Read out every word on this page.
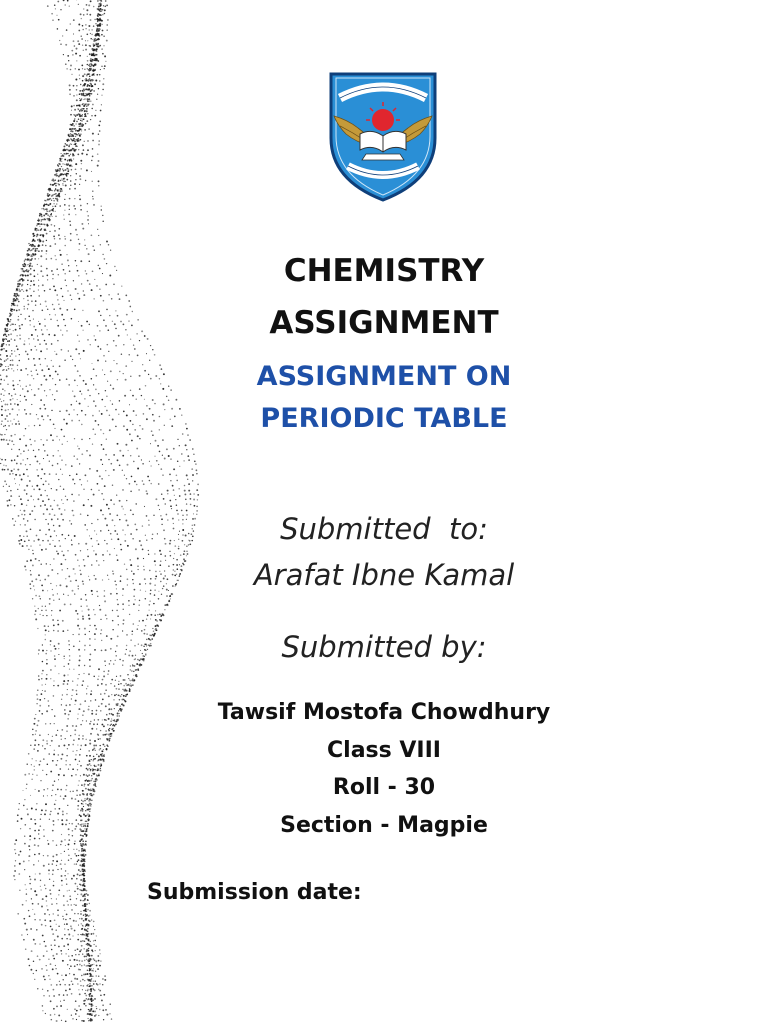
CHEMISTRY
ASSIGNMENT
ASSIGNMENT ON
PERIODIC TABLE
Submitted  to:
Arafat Ibne Kamal
Submitted by:
Tawsif Mostofa Chowdhury
Class VIII
Roll - 30
Section - Magpie
Submission date:
